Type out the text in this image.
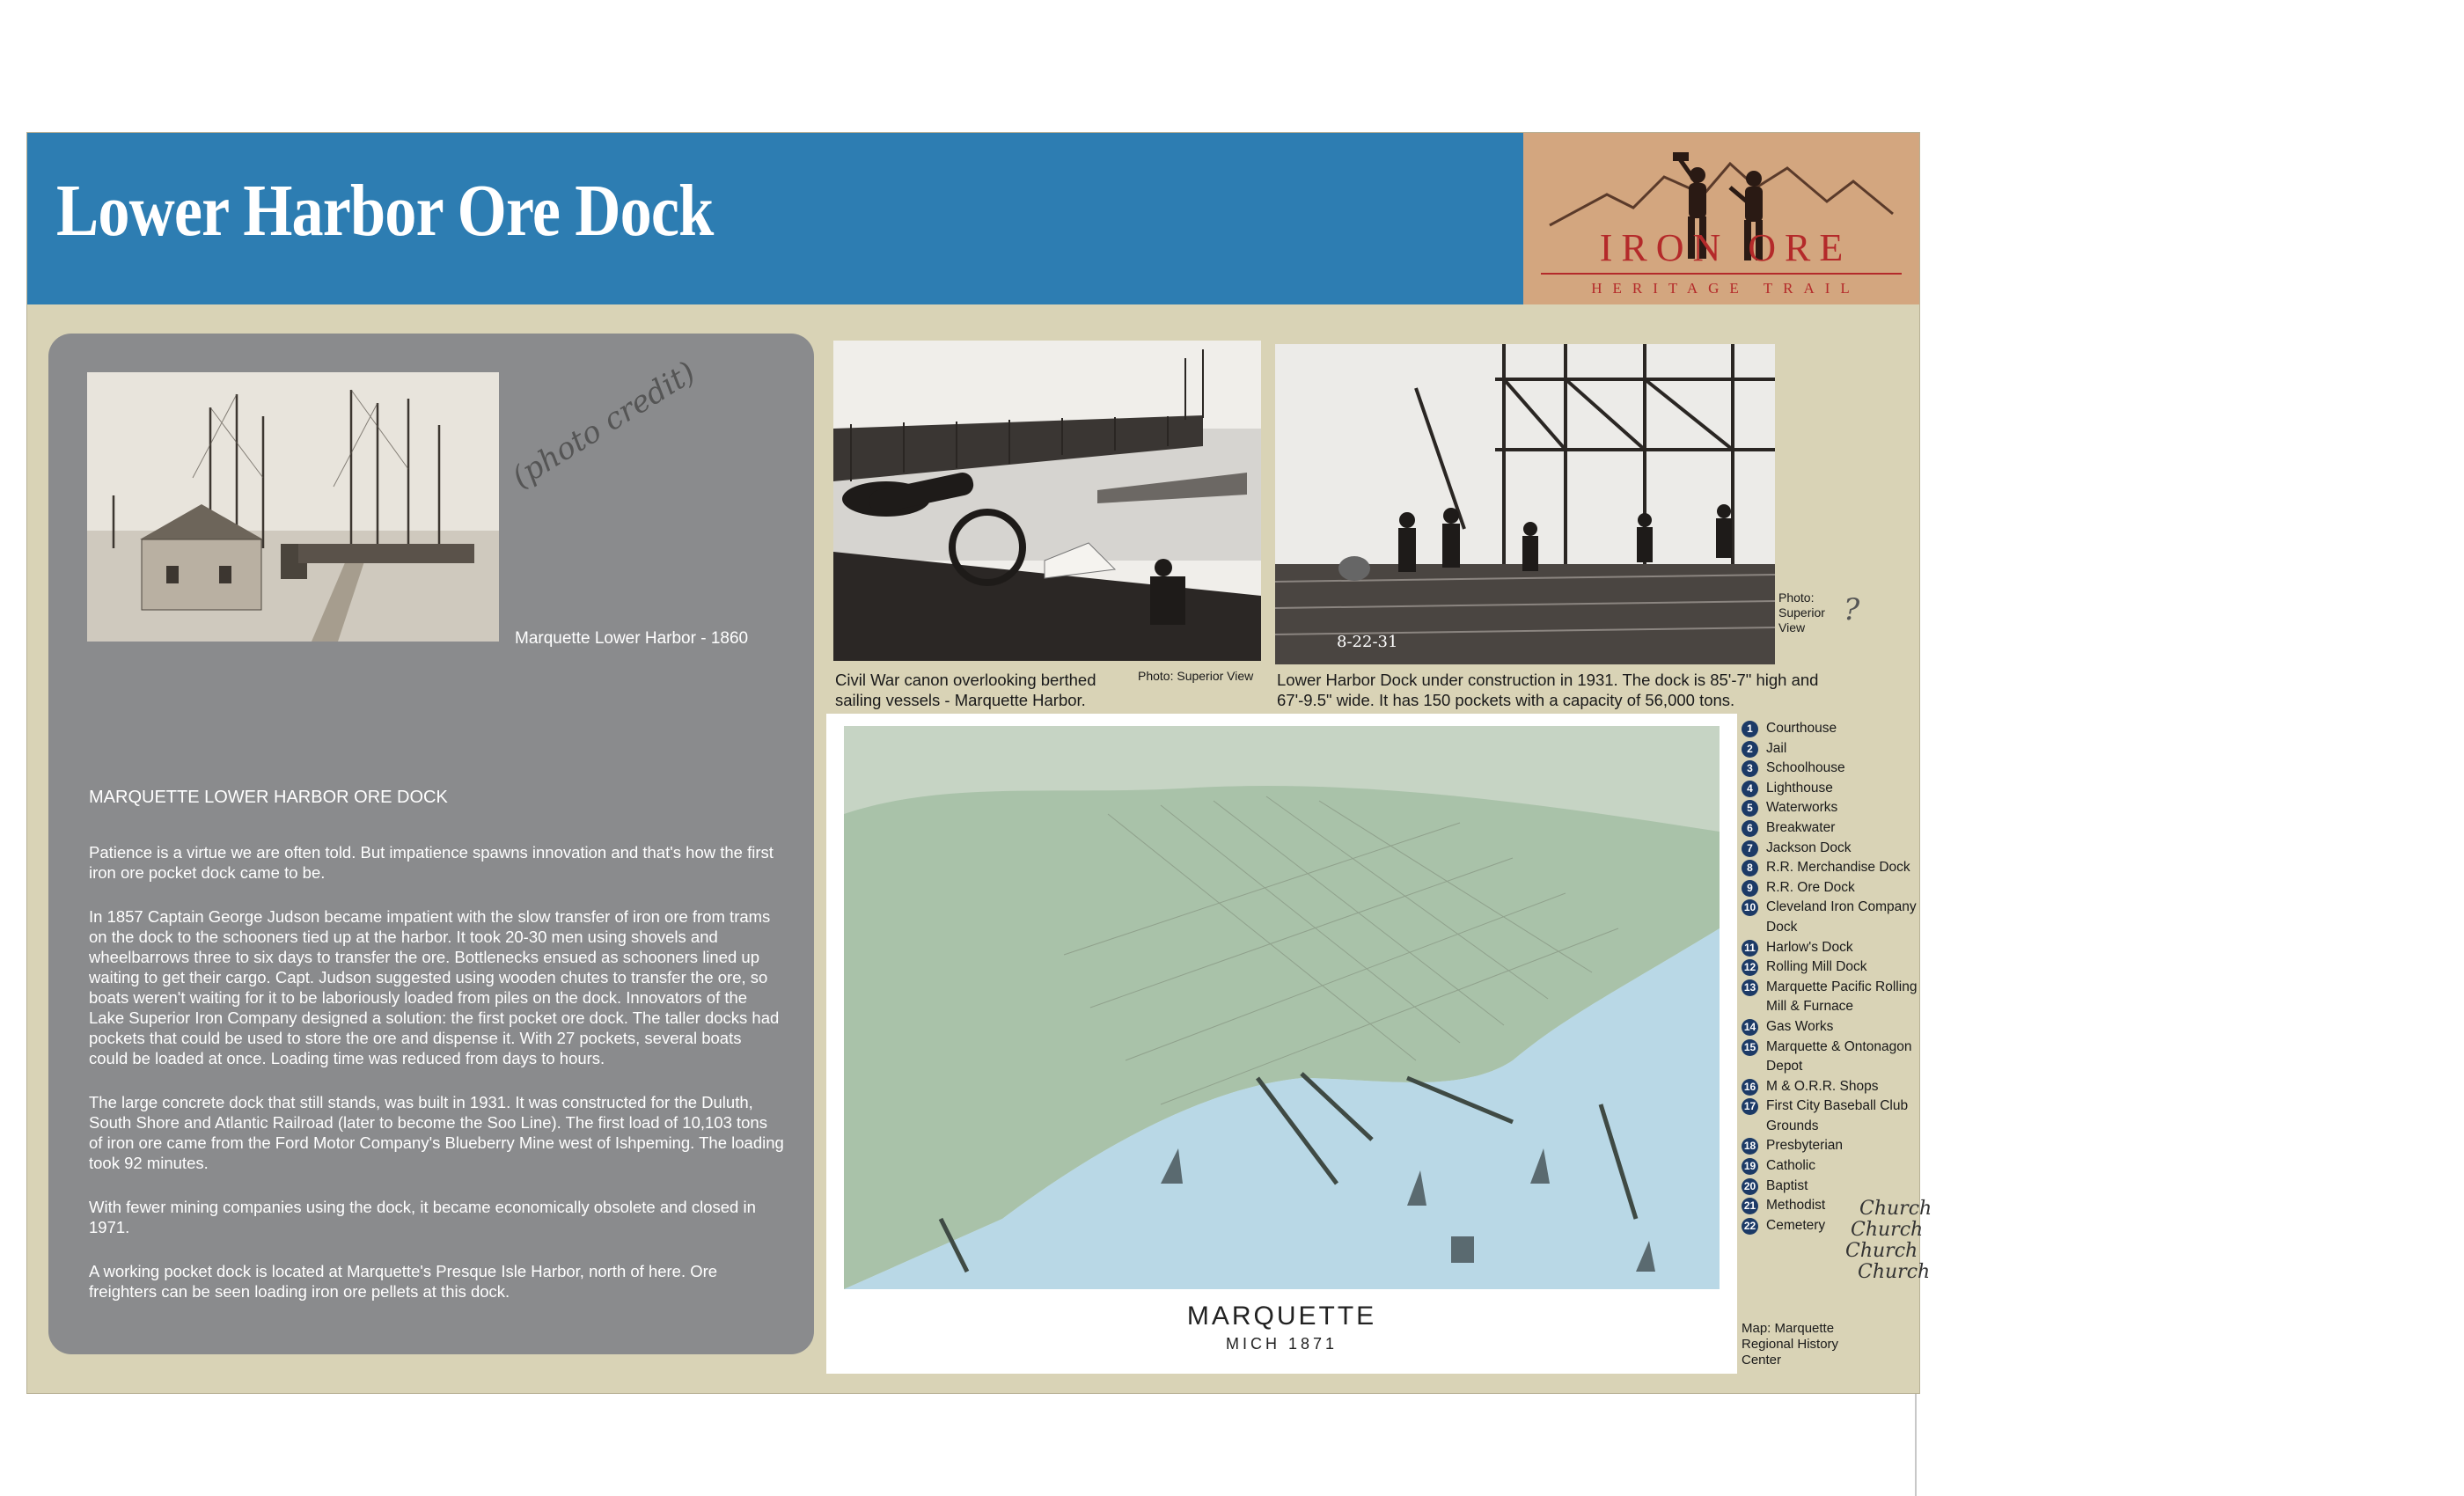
Lower Harbor Ore Dock	IRON ORE
HERITAGE TRAIL
(photo credit)
Marquette Lower Harbor - 1860
MARQUETTE LOWER HARBOR ORE DOCK

Patience is a virtue we are often told. But impatience spawns innovation and that's how the first iron ore pocket dock came to be.

In 1857 Captain George Judson became impatient with the slow transfer of iron ore from trams on the dock to the schooners tied up at the harbor. It took 20-30 men using shovels and wheelbarrows three to six days to transfer the ore. Bottlenecks ensued as schooners lined up waiting to get their cargo. Capt. Judson suggested using wooden chutes to transfer the ore, so boats weren't waiting for it to be laboriously loaded from piles on the dock. Innovators of the Lake Superior Iron Company designed a solution: the first pocket ore dock. The taller docks had pockets that could be used to store the ore and dispense it. With 27 pockets, several boats could be loaded at once. Loading time was reduced from days to hours.

The large concrete dock that still stands, was built in 1931. It was constructed for the Duluth, South Shore and Atlantic Railroad (later to become the Soo Line). The first load of 10,103 tons of iron ore came from the Ford Motor Company's Blueberry Mine west of Ishpeming. The loading took 92 minutes.

With fewer mining companies using the dock, it became economically obsolete and closed in 1971.

A working pocket dock is located at Marquette's Presque Isle Harbor, north of here. Ore freighters can be seen loading iron ore pellets at this dock.

Civil War canon overlooking berthed sailing vessels - Marquette Harbor.
Photo: Superior View
8-22-31
Photo: Superior View	?
Lower Harbor Dock under construction in 1931. The dock is 85'-7" high and 67'-9.5" wide. It has 150 pockets with a capacity of 56,000 tons.
MARQUETTE
MICH 1871
1 Courthouse
2 Jail
3 Schoolhouse
4 Lighthouse
5 Waterworks
6 Breakwater
7 Jackson Dock
8 R.R. Merchandise Dock
9 R.R. Ore Dock
10 Cleveland Iron Company Dock
11 Harlow's Dock
12 Rolling Mill Dock
13 Marquette Pacific Rolling Mill & Furnace
14 Gas Works
15 Marquette & Ontonagon Depot
16 M & O.R.R. Shops
17 First City Baseball Club Grounds
18 Presbyterian
19 Catholic
20 Baptist
21 Methodist
22 Cemetery
Church
Church
Church
Church
Map: Marquette Regional History Center
